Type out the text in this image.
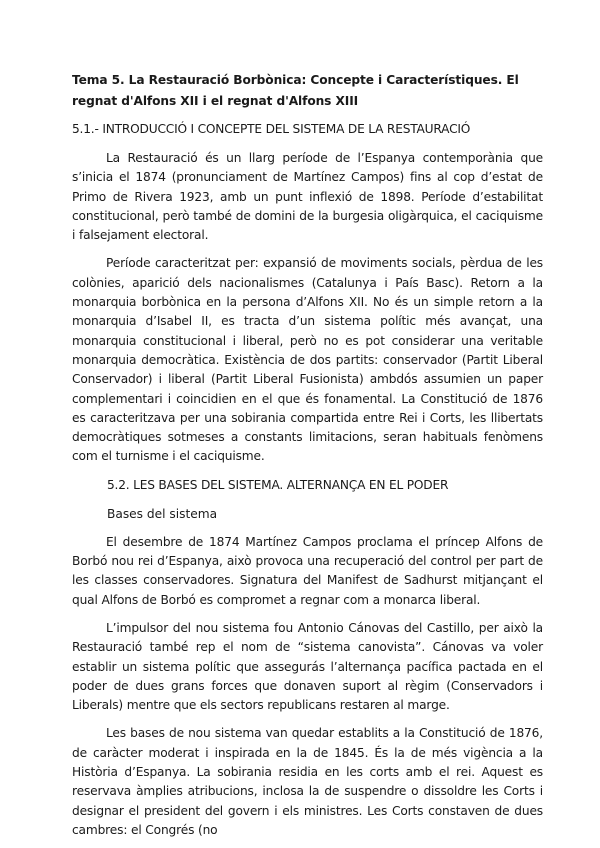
Tema 5. La Restauració Borbònica: Concepte i Característiques. El regnat d'Alfons XII i el regnat d'Alfons XIII

5.1.- INTRODUCCIÓ I CONCEPTE DEL SISTEMA DE LA RESTAURACIÓ

La Restauració és un llarg període de l’Espanya contemporània que s’inicia el 1874 (pronunciament de Martínez Campos) fins al cop d’estat de Primo de Rivera 1923, amb un punt inflexió de 1898. Període d’estabilitat constitucional, però també de domini de la burgesia oligàrquica, el caciquisme i falsejament electoral.

Període caracteritzat per: expansió de moviments socials, pèrdua de les colònies, aparició dels nacionalismes (Catalunya i País Basc). Retorn a la monarquia borbònica en la persona d’Alfons XII. No és un simple retorn a la monarquia d’Isabel II, es tracta d’un sistema polític més avançat, una monarquia constitucional i liberal, però no es pot considerar una veritable monarquia democràtica. Existència de dos partits: conservador (Partit Liberal Conservador) i liberal (Partit Liberal Fusionista) ambdós assumien un paper complementari i coincidien en el que és fonamental. La Constitució de 1876 es caracteritzava per una sobirania compartida entre Rei i Corts, les llibertats democràtiques sotmeses a constants limitacions, seran habituals fenòmens com el turnisme i el caciquisme.

5.2. LES BASES DEL SISTEMA. ALTERNANÇA EN EL PODER

Bases del sistema

El desembre de 1874 Martínez Campos proclama el príncep Alfons de Borbó nou rei d’Espanya, això provoca una recuperació del control per part de les classes conservadores. Signatura del Manifest de Sadhurst mitjançant el qual Alfons de Borbó es compromet a regnar com a monarca liberal.

L’impulsor del nou sistema fou Antonio Cánovas del Castillo, per això la Restauració també rep el nom de “sistema canovista”. Cánovas va voler establir un sistema polític que assegurás l’alternança pacífica pactada en el poder de dues grans forces que donaven suport al règim (Conservadors i Liberals) mentre que els sectors republicans restaren al marge.

Les bases de nou sistema van quedar establits a la Constitució de 1876, de caràcter moderat i inspirada en la de 1845. És la de més vigència a la Història d’Espanya. La sobirania residia en les corts amb el rei. Aquest es reservava àmplies atribucions, inclosa la de suspendre o dissoldre les Corts i designar el president del govern i els ministres. Les Corts constaven de dues cambres: el Congrés (no
